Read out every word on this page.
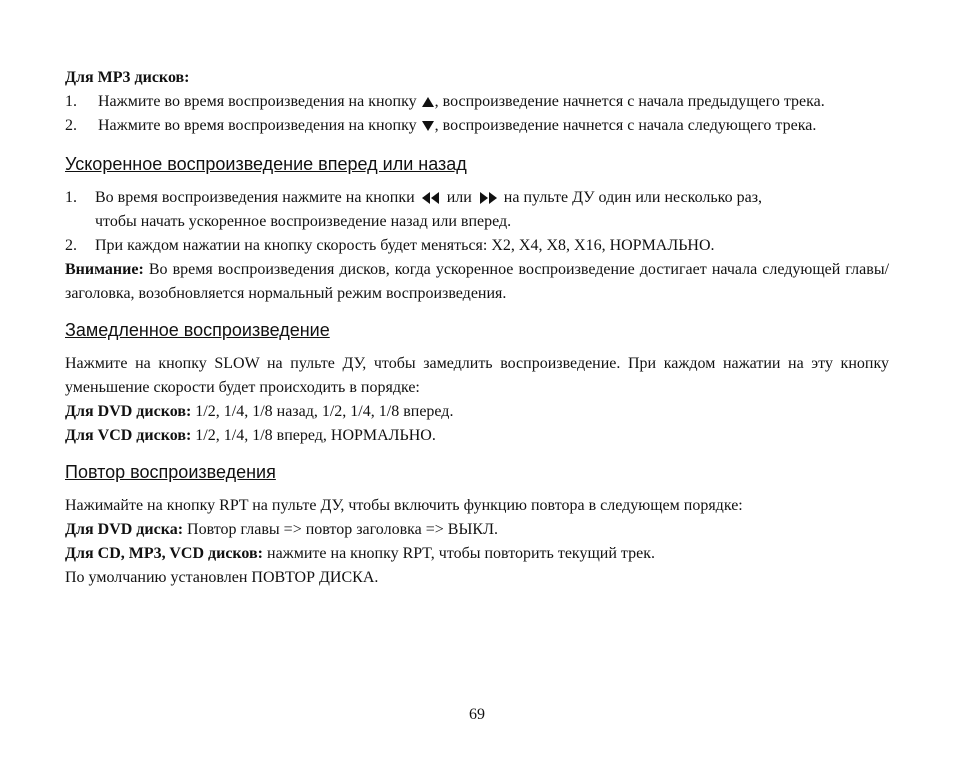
Для MP3 дисков:
1. Нажмите во время воспроизведения на кнопку , воспроизведение начнется с начала предыдущего трека.
2. Нажмите во время воспроизведения на кнопку , воспроизведение начнется с начала следующего трека.
Ускоренное воспроизведение вперед или назад
1. Во время воспроизведения нажмите на кнопки или на пульте ДУ один или несколько раз,
чтобы начать ускоренное воспроизведение назад или вперед.
2. При каждом нажатии на кнопку скорость будет меняться: X2, X4, X8, X16, НОРМАЛЬНО.
Внимание: Во время воспроизведения дисков, когда ускоренное воспроизведение достигает начала следующей главы/ заголовка, возобновляется нормальный режим воспроизведения.
Замедленное воспроизведение
Нажмите на кнопку SLOW на пульте ДУ, чтобы замедлить воспроизведение. При каждом нажатии на эту кнопку уменьшение скорости будет происходить в порядке:
Для DVD дисков: 1/2, 1/4, 1/8 назад, 1/2, 1/4, 1/8 вперед.
Для VCD дисков: 1/2, 1/4, 1/8 вперед, НОРМАЛЬНО.
Повтор воспроизведения
Нажимайте на кнопку RPT на пульте ДУ, чтобы включить функцию повтора в следующем порядке:
Для DVD диска: Повтор главы => повтор заголовка => ВЫКЛ.
Для CD, MP3, VCD дисков: нажмите на кнопку RPT, чтобы повторить текущий трек.
По умолчанию установлен ПОВТОР ДИСКА.
69
